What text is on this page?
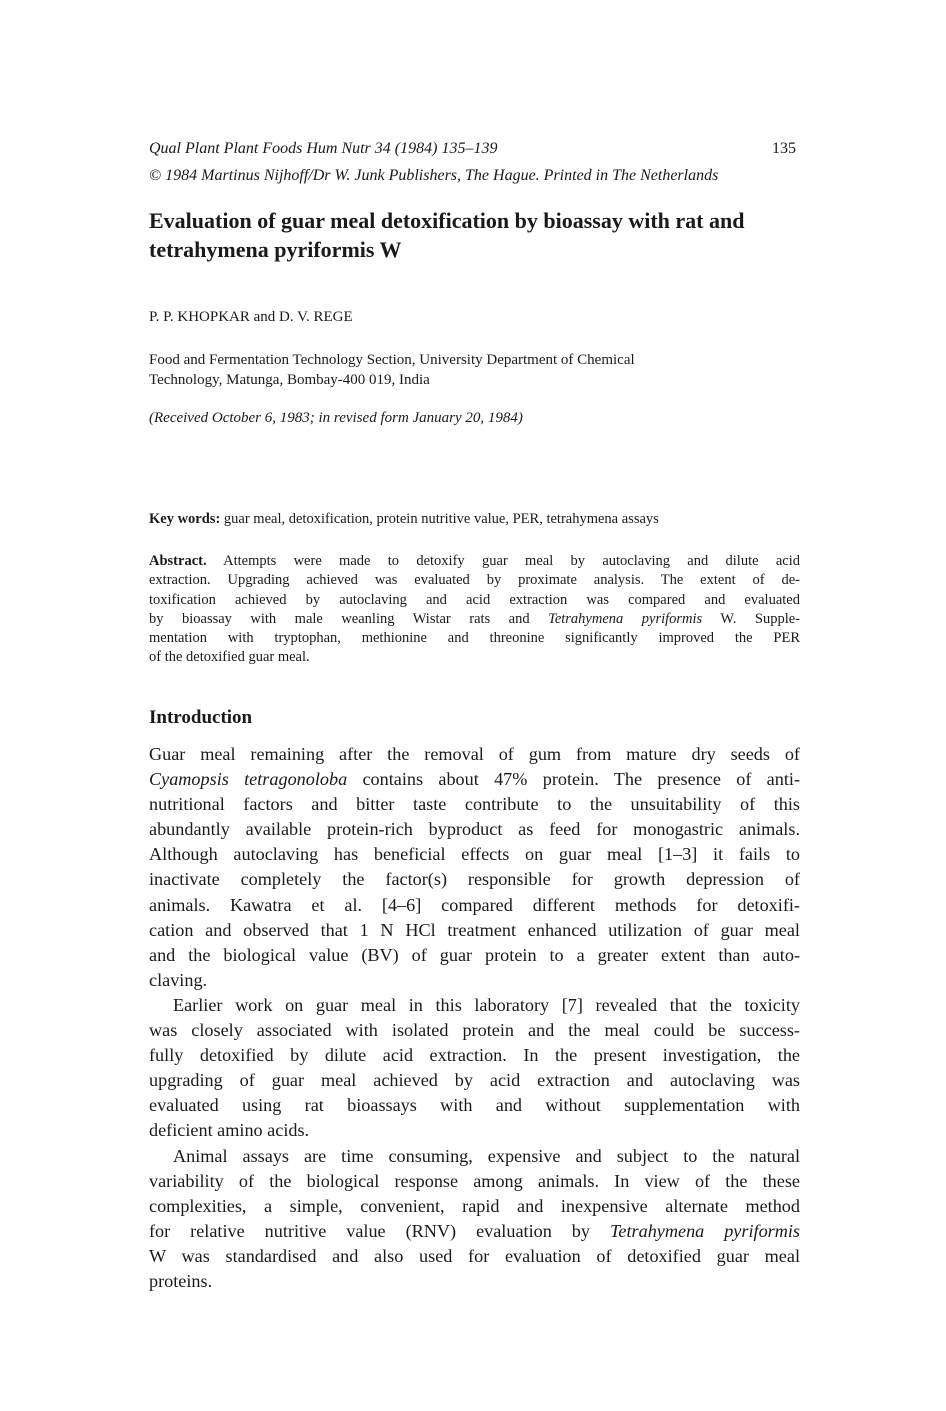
Qual Plant Plant Foods Hum Nutr 34 (1984) 135–139	135
© 1984 Martinus Nijhoff/Dr W. Junk Publishers, The Hague. Printed in The Netherlands
Evaluation of guar meal detoxification by bioassay with rat and
tetrahymena pyriformis W
P. P. KHOPKAR and D. V. REGE
Food and Fermentation Technology Section, University Department of Chemical
Technology, Matunga, Bombay-400 019, India
(Received October 6, 1983; in revised form January 20, 1984)
Key words: guar meal, detoxification, protein nutritive value, PER, tetrahymena assays
Abstract. Attempts were made to detoxify guar meal by autoclaving and dilute acid
extraction. Upgrading achieved was evaluated by proximate analysis. The extent of de-
toxification achieved by autoclaving and acid extraction was compared and evaluated
by bioassay with male weanling Wistar rats and Tetrahymena pyriformis W. Supple-
mentation with tryptophan, methionine and threonine significantly improved the PER
of the detoxified guar meal.
Introduction
Guar meal remaining after the removal of gum from mature dry seeds of
Cyamopsis tetragonoloba contains about 47% protein. The presence of anti-
nutritional factors and bitter taste contribute to the unsuitability of this
abundantly available protein-rich byproduct as feed for monogastric animals.
Although autoclaving has beneficial effects on guar meal [1–3] it fails to
inactivate completely the factor(s) responsible for growth depression of
animals. Kawatra et al. [4–6] compared different methods for detoxifi-
cation and observed that 1 N HCl treatment enhanced utilization of guar meal
and the biological value (BV) of guar protein to a greater extent than auto-
claving.
Earlier work on guar meal in this laboratory [7] revealed that the toxicity
was closely associated with isolated protein and the meal could be success-
fully detoxified by dilute acid extraction. In the present investigation, the
upgrading of guar meal achieved by acid extraction and autoclaving was
evaluated using rat bioassays with and without supplementation with
deficient amino acids.
Animal assays are time consuming, expensive and subject to the natural
variability of the biological response among animals. In view of the these
complexities, a simple, convenient, rapid and inexpensive alternate method
for relative nutritive value (RNV) evaluation by Tetrahymena pyriformis
W was standardised and also used for evaluation of detoxified guar meal
proteins.
